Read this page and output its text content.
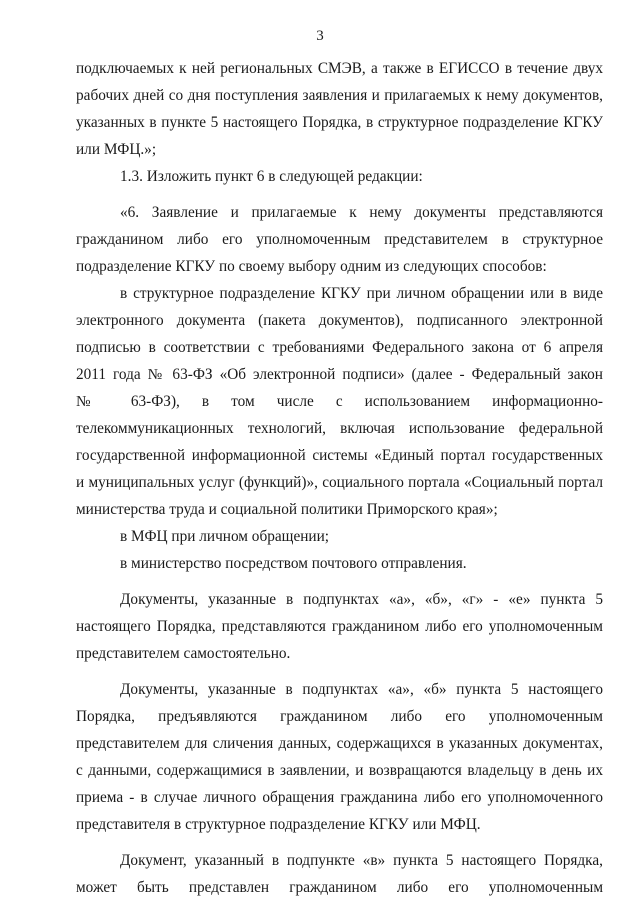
3
подключаемых к ней региональных СМЭВ, а также в ЕГИССО в течение двух
рабочих дней со дня поступления заявления и прилагаемых к нему документов,
указанных в пункте 5 настоящего Порядка, в структурное подразделение КГКУ
или МФЦ.»;
1.3. Изложить пункт 6 в следующей редакции:
«6. Заявление и прилагаемые к нему документы представляются
гражданином либо его уполномоченным представителем в структурное
подразделение КГКУ по своему выбору одним из следующих способов:
в структурное подразделение КГКУ при личном обращении или в виде
электронного документа (пакета документов), подписанного электронной
подписью в соответствии с требованиями Федерального закона от 6 апреля
2011 года № 63-ФЗ «Об электронной подписи» (далее - Федеральный закон
№ 63-ФЗ), в том числе с использованием информационно-
телекоммуникационных технологий, включая использование федеральной
государственной информационной системы «Единый портал государственных
и муниципальных услуг (функций)», социального портала «Социальный портал
министерства труда и социальной политики Приморского края»;
в МФЦ при личном обращении;
в министерство посредством почтового отправления.
Документы, указанные в подпунктах «а», «б», «г» - «е» пункта 5
настоящего Порядка, представляются гражданином либо его уполномоченным
представителем самостоятельно.
Документы, указанные в подпунктах «а», «б» пункта 5 настоящего
Порядка, предъявляются гражданином либо его уполномоченным
представителем для сличения данных, содержащихся в указанных документах,
с данными, содержащимися в заявлении, и возвращаются владельцу в день их
приема - в случае личного обращения гражданина либо его уполномоченного
представителя в структурное подразделение КГКУ или МФЦ.
Документ, указанный в подпункте «в» пункта 5 настоящего Порядка,
может быть представлен гражданином либо его уполномоченным
